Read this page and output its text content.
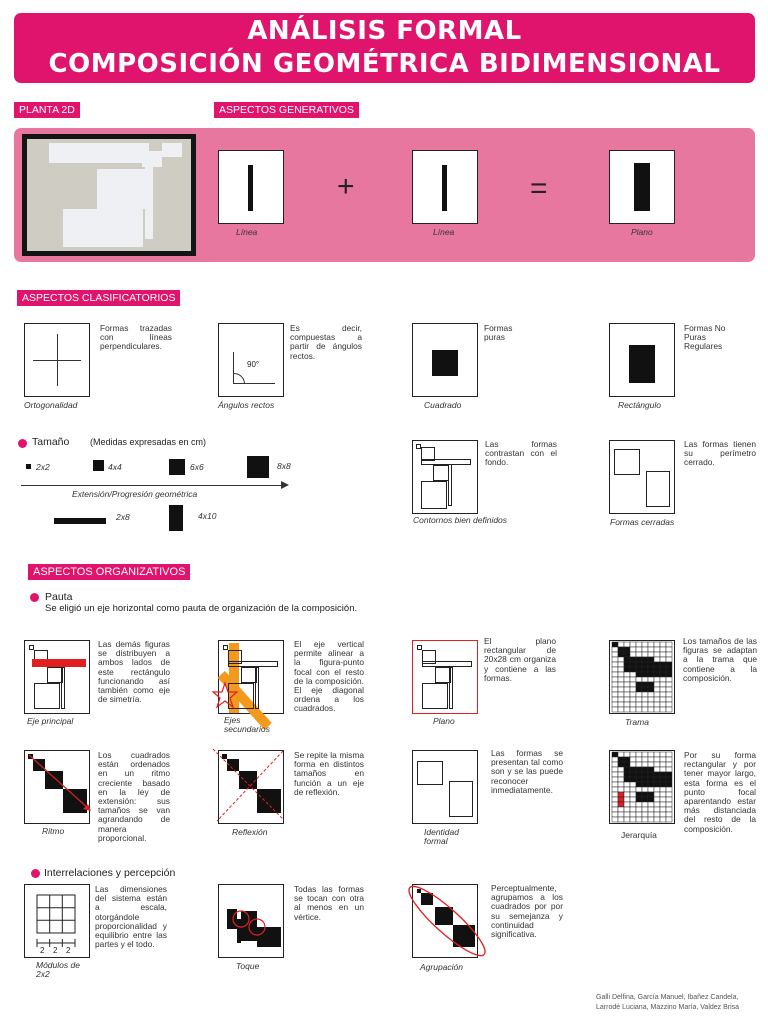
ANÁLISIS FORMAL
COMPOSICIÓN GEOMÉTRICA BIDIMENSIONAL
PLANTA 2D	ASPECTOS GENERATIVOS
Línea
+
Línea
=
Plano
ASPECTOS CLASIFICATORIOS
Ortogonalidad
Formas trazadas con líneas perpendiculares.
90°
Ángulos rectos
Es decir, compuestas a partir de ángulos rectos.
Cuadrado
Formas puras
Rectángulo
Formas No Puras Regulares
Tamaño (Medidas expresadas en cm)
2x2	4x4	6x6	8x8
Extensión/Progresión geométrica
2x8	4x10	Contornos bien definidos
Las formas contrastan con el fondo.
Formas cerradas
Las formas tienen su perímetro cerrado.
ASPECTOS ORGANIZATIVOS
Pauta
Se eligió un eje horizontal como pauta de organización de la composición.
Eje principal
Las demás figuras se distribuyen a ambos lados de este rectángulo funcionando así también como eje de simetría.
Ejes secundarios
El eje vertical permite alinear a la figura-punto focal con el resto de la composición. El eje diagonal ordena a los cuadrados.
Plano
El plano rectangular de 20x28 cm organiza y contiene a las formas.
Trama
Los tamaños de las figuras se adaptan a la trama que contiene a la composición.
Ritmo
Los cuadrados están ordenados en un ritmo creciente basado en la ley de extensión: sus tamaños se van agrandando de manera proporcional.
Reflexión
Se repite la misma forma en distintos tamaños en función a un eje de reflexión.
Identidad formal
Las formas se presentan tal como son y se las puede reconocer inmediatamente.
Jerarquía
Por su forma rectangular y por tener mayor largo, esta forma es el punto focal aparentando estar más distanciada del resto de la composición.
Interrelaciones y percepción
2 2 2
Módulos de 2x2
Las dimensiones del sistema están a escala, otorgándole proporcionalidad y equilibrio entre las partes y el todo.
Toque
Todas las formas se tocan con otra al menos en un vértice.
Agrupación
Perceptualmente, agrupamos a los cuadrados por por su semejanza y continuidad significativa.
Galli Delfina, García Manuel, Ibañez Candela,
Larrodé Luciana, Mazzino María, Valdez Brisa
